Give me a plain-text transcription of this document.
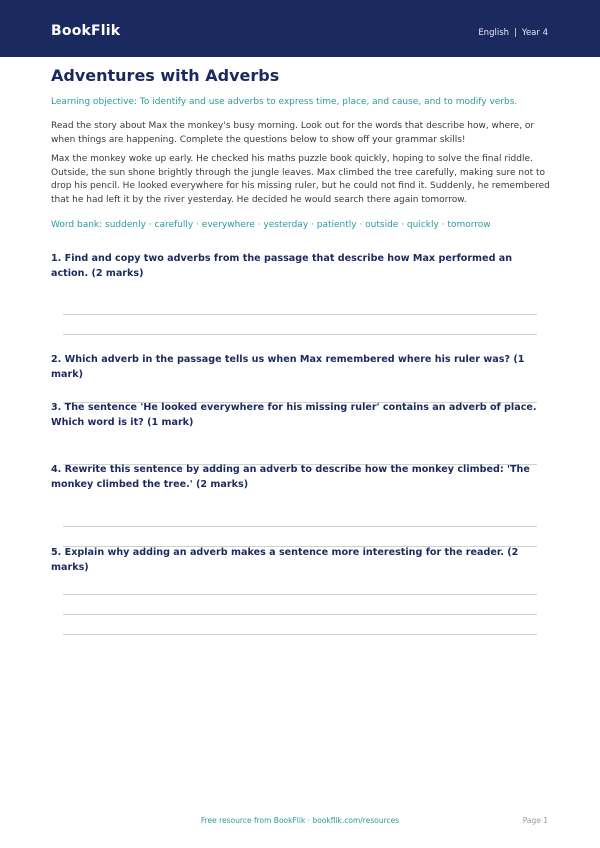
BookFlik	English | Year 4
Adventures with Adverbs
Learning objective: To identify and use adverbs to express time, place, and cause, and to modify verbs.
Read the story about Max the monkey's busy morning. Look out for the words that describe how, where, or when things are happening. Complete the questions below to show off your grammar skills!
Max the monkey woke up early. He checked his maths puzzle book quickly, hoping to solve the final riddle. Outside, the sun shone brightly through the jungle leaves. Max climbed the tree carefully, making sure not to drop his pencil. He looked everywhere for his missing ruler, but he could not find it. Suddenly, he remembered that he had left it by the river yesterday. He decided he would search there again tomorrow.
Word bank: suddenly · carefully · everywhere · yesterday · patiently · outside · quickly · tomorrow
1. Find and copy two adverbs from the passage that describe how Max performed an action. (2 marks)
2. Which adverb in the passage tells us when Max remembered where his ruler was? (1 mark)
3. The sentence 'He looked everywhere for his missing ruler' contains an adverb of place. Which word is it? (1 mark)
4. Rewrite this sentence by adding an adverb to describe how the monkey climbed: 'The monkey climbed the tree.' (2 marks)
5. Explain why adding an adverb makes a sentence more interesting for the reader. (2 marks)
Free resource from BookFlik · bookflik.com/resources	Page 1
